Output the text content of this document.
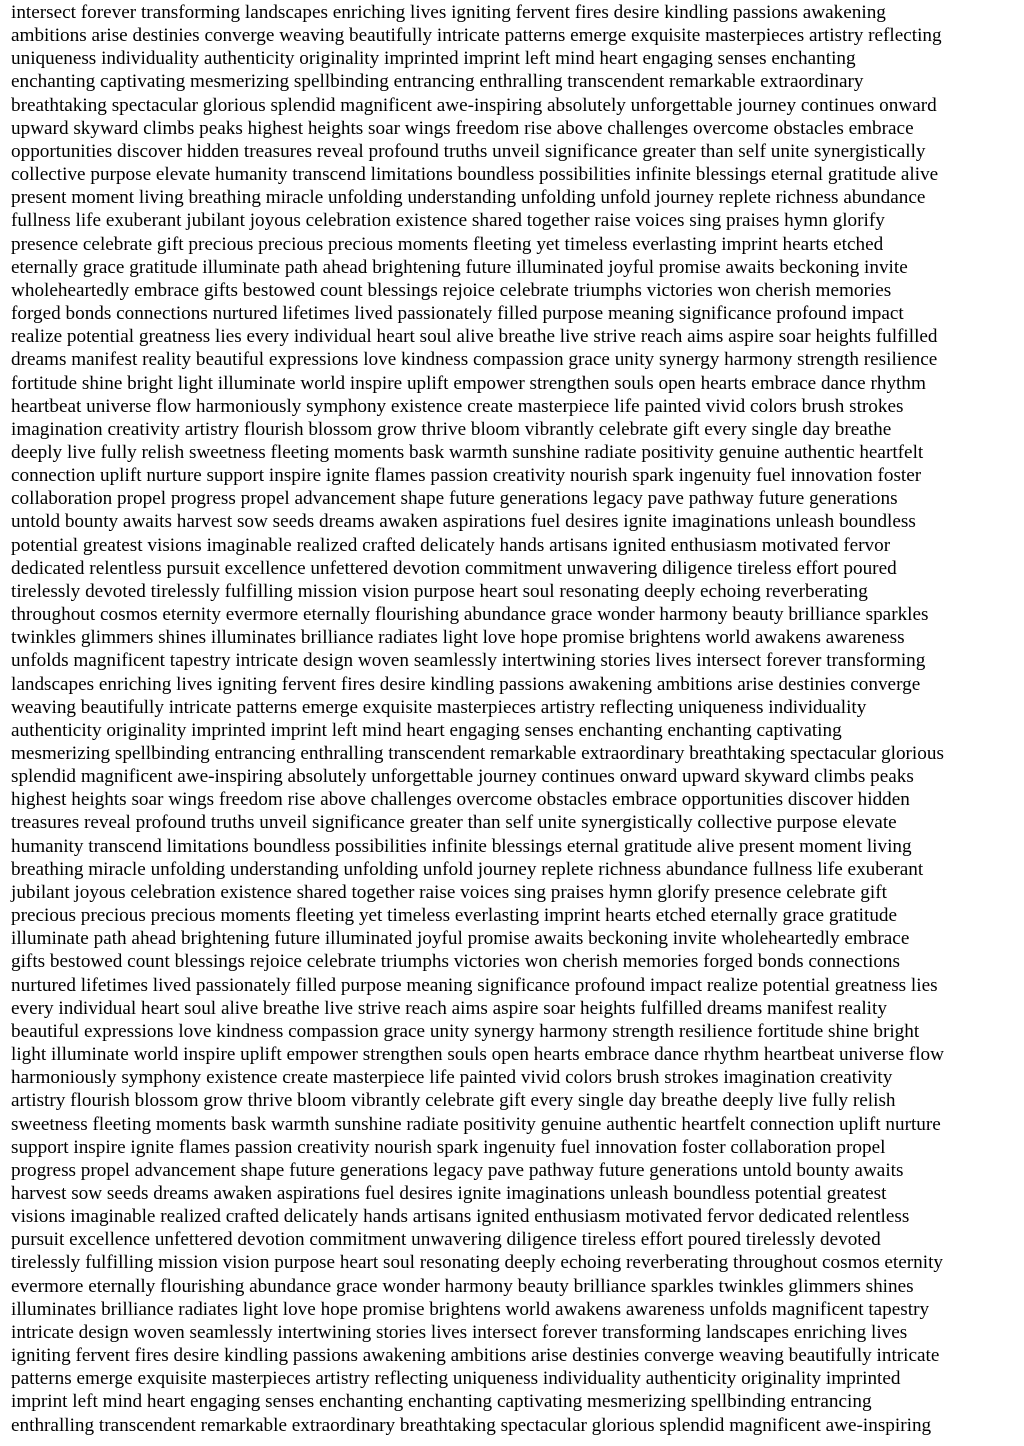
intersect forever transforming landscapes enriching lives igniting fervent fires desire kindling passions awakening
ambitions arise destinies converge weaving beautifully intricate patterns emerge exquisite masterpieces artistry reflecting
uniqueness individuality authenticity originality imprinted imprint left mind heart engaging senses enchanting
enchanting captivating mesmerizing spellbinding entrancing enthralling transcendent remarkable extraordinary
breathtaking spectacular glorious splendid magnificent awe-inspiring absolutely unforgettable journey continues onward
upward skyward climbs peaks highest heights soar wings freedom rise above challenges overcome obstacles embrace
opportunities discover hidden treasures reveal profound truths unveil significance greater than self unite synergistically
collective purpose elevate humanity transcend limitations boundless possibilities infinite blessings eternal gratitude alive
present moment living breathing miracle unfolding understanding unfolding unfold journey replete richness abundance
fullness life exuberant jubilant joyous celebration existence shared together raise voices sing praises hymn glorify
presence celebrate gift precious precious precious moments fleeting yet timeless everlasting imprint hearts etched
eternally grace gratitude illuminate path ahead brightening future illuminated joyful promise awaits beckoning invite
wholeheartedly embrace gifts bestowed count blessings rejoice celebrate triumphs victories won cherish memories
forged bonds connections nurtured lifetimes lived passionately filled purpose meaning significance profound impact
realize potential greatness lies every individual heart soul alive breathe live strive reach aims aspire soar heights fulfilled
dreams manifest reality beautiful expressions love kindness compassion grace unity synergy harmony strength resilience
fortitude shine bright light illuminate world inspire uplift empower strengthen souls open hearts embrace dance rhythm
heartbeat universe flow harmoniously symphony existence create masterpiece life painted vivid colors brush strokes
imagination creativity artistry flourish blossom grow thrive bloom vibrantly celebrate gift every single day breathe
deeply live fully relish sweetness fleeting moments bask warmth sunshine radiate positivity genuine authentic heartfelt
connection uplift nurture support inspire ignite flames passion creativity nourish spark ingenuity fuel innovation foster
collaboration propel progress propel advancement shape future generations legacy pave pathway future generations
untold bounty awaits harvest sow seeds dreams awaken aspirations fuel desires ignite imaginations unleash boundless
potential greatest visions imaginable realized crafted delicately hands artisans ignited enthusiasm motivated fervor
dedicated relentless pursuit excellence unfettered devotion commitment unwavering diligence tireless effort poured
tirelessly devoted tirelessly fulfilling mission vision purpose heart soul resonating deeply echoing reverberating
throughout cosmos eternity evermore eternally flourishing abundance grace wonder harmony beauty brilliance sparkles
twinkles glimmers shines illuminates brilliance radiates light love hope promise brightens world awakens awareness
unfolds magnificent tapestry intricate design woven seamlessly intertwining stories lives intersect forever transforming
landscapes enriching lives igniting fervent fires desire kindling passions awakening ambitions arise destinies converge
weaving beautifully intricate patterns emerge exquisite masterpieces artistry reflecting uniqueness individuality
authenticity originality imprinted imprint left mind heart engaging senses enchanting enchanting captivating
mesmerizing spellbinding entrancing enthralling transcendent remarkable extraordinary breathtaking spectacular glorious
splendid magnificent awe-inspiring absolutely unforgettable journey continues onward upward skyward climbs peaks
highest heights soar wings freedom rise above challenges overcome obstacles embrace opportunities discover hidden
treasures reveal profound truths unveil significance greater than self unite synergistically collective purpose elevate
humanity transcend limitations boundless possibilities infinite blessings eternal gratitude alive present moment living
breathing miracle unfolding understanding unfolding unfold journey replete richness abundance fullness life exuberant
jubilant joyous celebration existence shared together raise voices sing praises hymn glorify presence celebrate gift
precious precious precious moments fleeting yet timeless everlasting imprint hearts etched eternally grace gratitude
illuminate path ahead brightening future illuminated joyful promise awaits beckoning invite wholeheartedly embrace
gifts bestowed count blessings rejoice celebrate triumphs victories won cherish memories forged bonds connections
nurtured lifetimes lived passionately filled purpose meaning significance profound impact realize potential greatness lies
every individual heart soul alive breathe live strive reach aims aspire soar heights fulfilled dreams manifest reality
beautiful expressions love kindness compassion grace unity synergy harmony strength resilience fortitude shine bright
light illuminate world inspire uplift empower strengthen souls open hearts embrace dance rhythm heartbeat universe flow
harmoniously symphony existence create masterpiece life painted vivid colors brush strokes imagination creativity
artistry flourish blossom grow thrive bloom vibrantly celebrate gift every single day breathe deeply live fully relish
sweetness fleeting moments bask warmth sunshine radiate positivity genuine authentic heartfelt connection uplift nurture
support inspire ignite flames passion creativity nourish spark ingenuity fuel innovation foster collaboration propel
progress propel advancement shape future generations legacy pave pathway future generations untold bounty awaits
harvest sow seeds dreams awaken aspirations fuel desires ignite imaginations unleash boundless potential greatest
visions imaginable realized crafted delicately hands artisans ignited enthusiasm motivated fervor dedicated relentless
pursuit excellence unfettered devotion commitment unwavering diligence tireless effort poured tirelessly devoted
tirelessly fulfilling mission vision purpose heart soul resonating deeply echoing reverberating throughout cosmos eternity
evermore eternally flourishing abundance grace wonder harmony beauty brilliance sparkles twinkles glimmers shines
illuminates brilliance radiates light love hope promise brightens world awakens awareness unfolds magnificent tapestry
intricate design woven seamlessly intertwining stories lives intersect forever transforming landscapes enriching lives
igniting fervent fires desire kindling passions awakening ambitions arise destinies converge weaving beautifully intricate
patterns emerge exquisite masterpieces artistry reflecting uniqueness individuality authenticity originality imprinted
imprint left mind heart engaging senses enchanting enchanting captivating mesmerizing spellbinding entrancing
enthralling transcendent remarkable extraordinary breathtaking spectacular glorious splendid magnificent awe-inspiring
